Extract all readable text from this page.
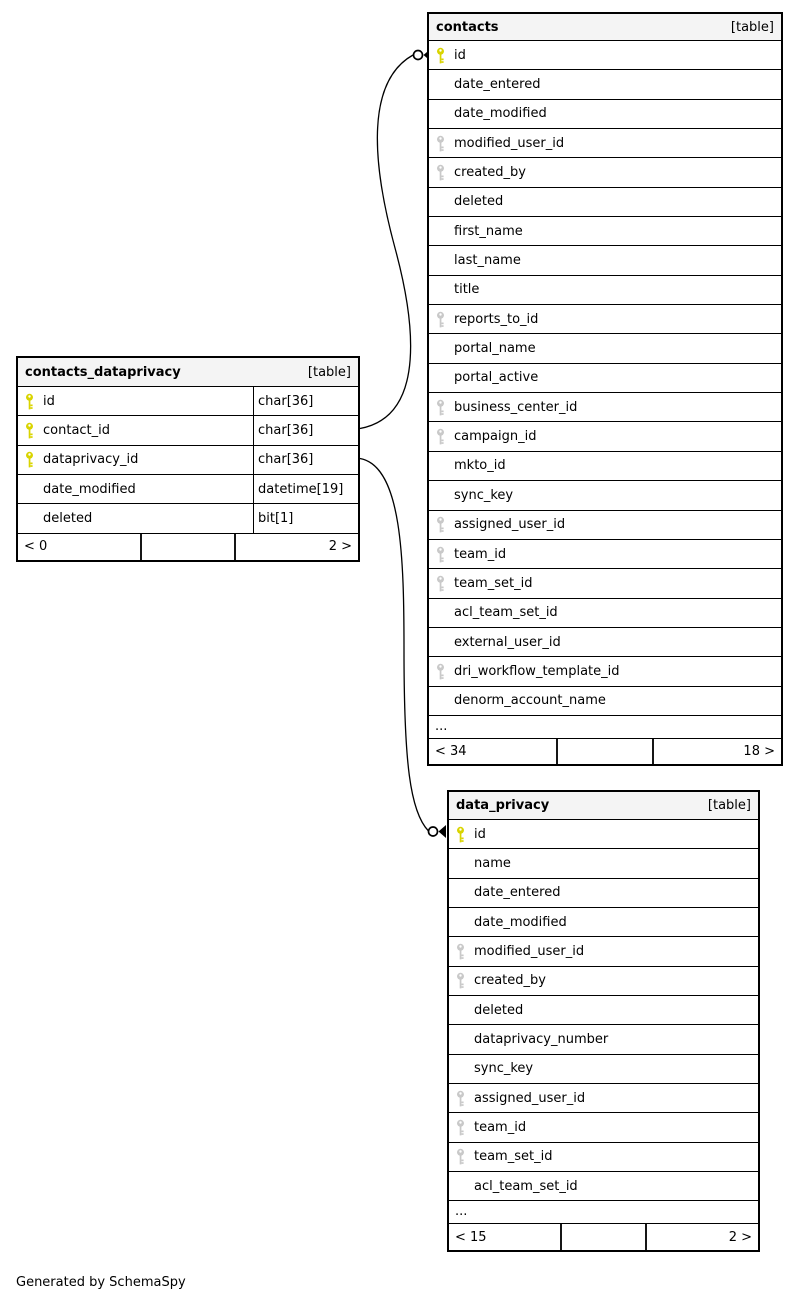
contacts	[table]
id
date_entered
date_modified
modified_user_id
created_by
deleted
first_name
last_name
title
reports_to_id
portal_name
portal_active
business_center_id
campaign_id
mkto_id
sync_key
assigned_user_id
team_id
team_set_id
acl_team_set_id
external_user_id
dri_workflow_template_id
denorm_account_name
...
< 34	18 >
contacts_dataprivacy	[table]
id	char[36]
contact_id	char[36]
dataprivacy_id	char[36]
date_modified	datetime[19]
deleted	bit[1]
< 0	2 >
data_privacy	[table]
id
name
date_entered
date_modified
modified_user_id
created_by
deleted
dataprivacy_number
sync_key
assigned_user_id
team_id
team_set_id
acl_team_set_id
...
< 15	2 >
Generated by SchemaSpy
